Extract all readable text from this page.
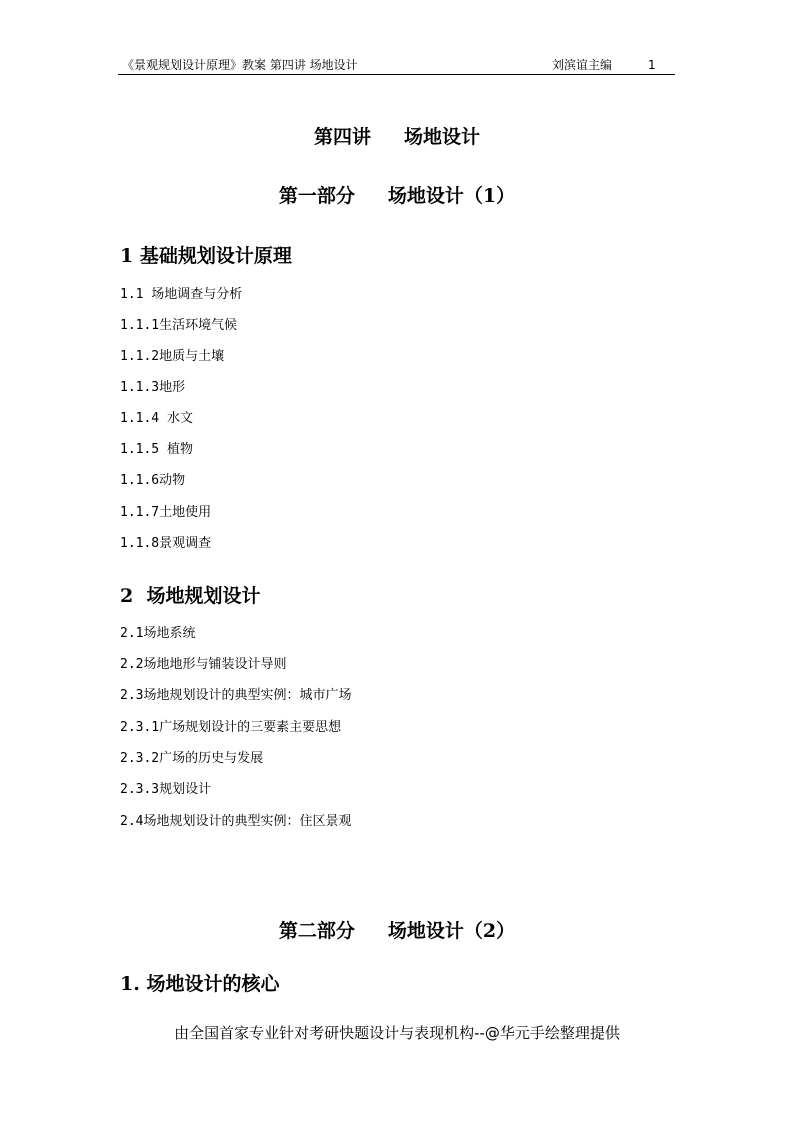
《景观规划设计原理》教案 第四讲 场地设计	刘滨谊主编	1
第四讲     场地设计
第一部分     场地设计（1）
1 基础规划设计原理
1.1 场地调查与分析
1.1.1生活环境气候
1.1.2地质与土壤
1.1.3地形
1.1.4 水文
1.1.5 植物
1.1.6动物
1.1.7土地使用
1.1.8景观调查
2  场地规划设计
2.1场地系统
2.2场地地形与铺装设计导则
2.3场地规划设计的典型实例：城市广场
2.3.1广场规划设计的三要素主要思想
2.3.2广场的历史与发展
2.3.3规划设计
2.4场地规划设计的典型实例：住区景观
第二部分     场地设计（2）
1. 场地设计的核心
由全国首家专业针对考研快题设计与表现机构--@华元手绘整理提供
